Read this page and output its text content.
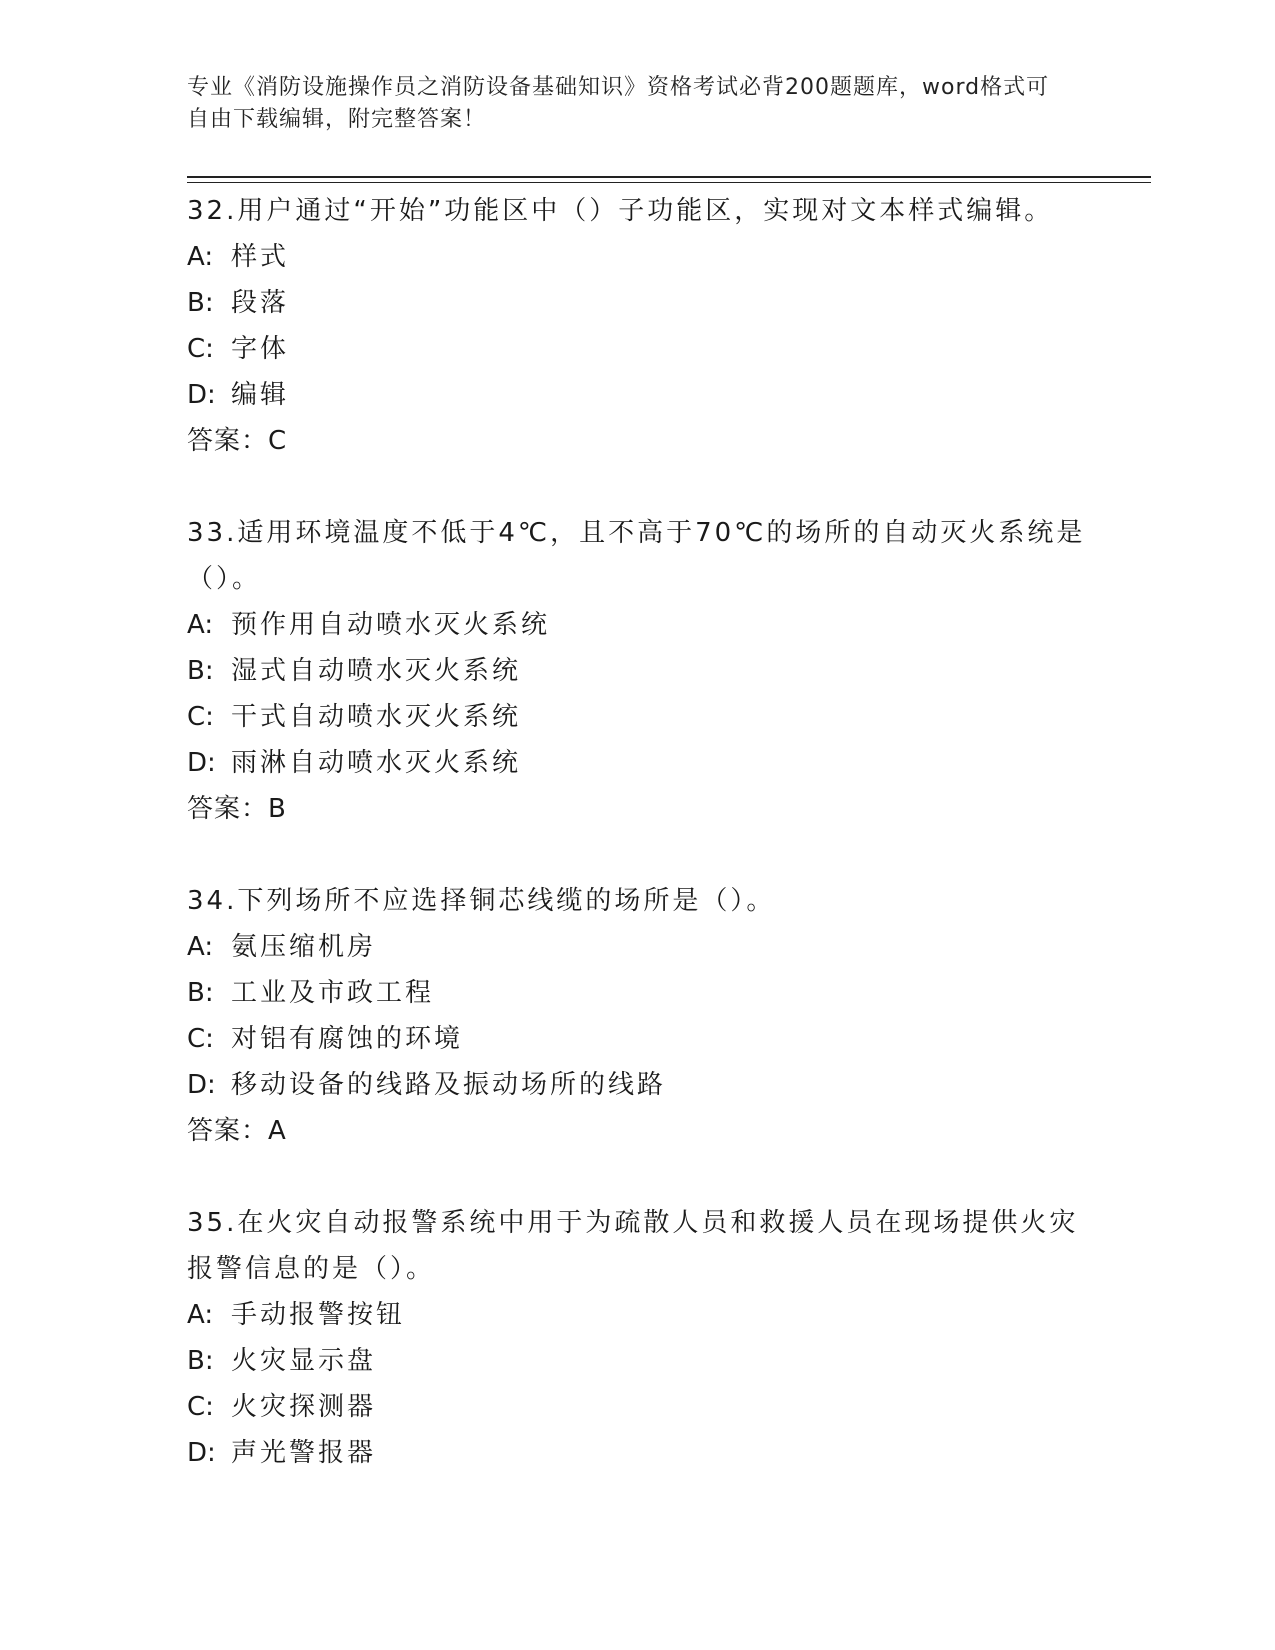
专业《消防设施操作员之消防设备基础知识》资格考试必背200题题库，word格式可自由下载编辑，附完整答案！
32.用户通过“开始”功能区中（）子功能区，实现对文本样式编辑。
A: 样式
B: 段落
C: 字体
D: 编辑
答案：C
33.适用环境温度不低于4℃，且不高于70℃的场所的自动灭火系统是（）。
A: 预作用自动喷水灭火系统
B: 湿式自动喷水灭火系统
C: 干式自动喷水灭火系统
D: 雨淋自动喷水灭火系统
答案：B
34.下列场所不应选择铜芯线缆的场所是（）。
A: 氨压缩机房
B: 工业及市政工程
C: 对铝有腐蚀的环境
D: 移动设备的线路及振动场所的线路
答案：A
35.在火灾自动报警系统中用于为疏散人员和救援人员在现场提供火灾报警信息的是（）。
A: 手动报警按钮
B: 火灾显示盘
C: 火灾探测器
D: 声光警报器
